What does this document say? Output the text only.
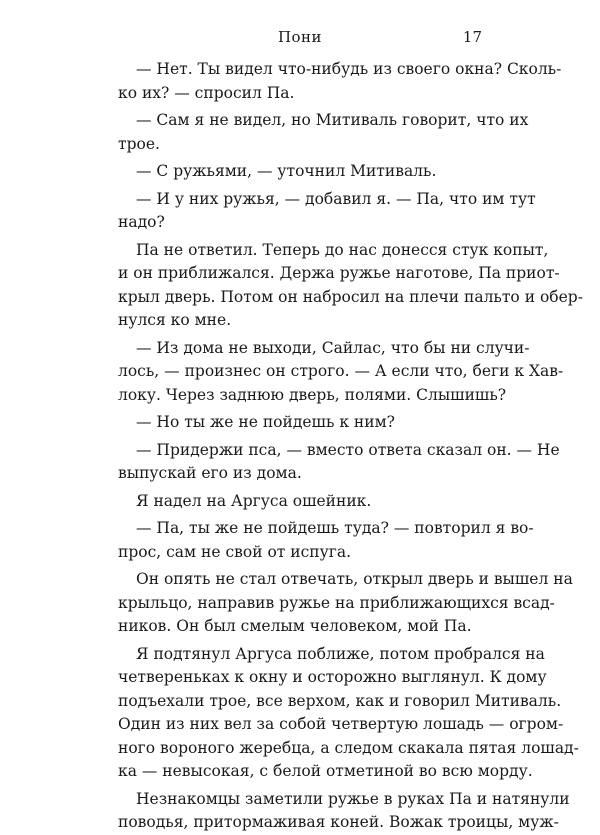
Пони	17
— Нет. Ты видел что-нибудь из своего окна? Сколь-
ко их? — спросил Па.
— Сам я не видел, но Митиваль говорит, что их
трое.
— С ружьями, — уточнил Митиваль.
— И у них ружья, — добавил я. — Па, что им тут
надо?
Па не ответил. Теперь до нас донесся стук копыт,
и он приближался. Держа ружье наготове, Па приот-
крыл дверь. Потом он набросил на плечи пальто и обер-
нулся ко мне.
— Из дома не выходи, Сайлас, что бы ни случи-
лось, — произнес он строго. — А если что, беги к Хав-
локу. Через заднюю дверь, полями. Слышишь?
— Но ты же не пойдешь к ним?
— Придержи пса, — вместо ответа сказал он. — Не
выпускай его из дома.
Я надел на Аргуса ошейник.
— Па, ты же не пойдешь туда? — повторил я во-
прос, сам не свой от испуга.
Он опять не стал отвечать, открыл дверь и вышел на
крыльцо, направив ружье на приближающихся всад-
ников. Он был смелым человеком, мой Па.
Я подтянул Аргуса поближе, потом пробрался на
четвереньках к окну и осторожно выглянул. К дому
подъехали трое, все верхом, как и говорил Митиваль.
Один из них вел за собой четвертую лошадь — огром-
ного вороного жеребца, а следом скакала пятая лошад-
ка — невысокая, с белой отметиной во всю морду.
Незнакомцы заметили ружье в руках Па и натянули
поводья, притормаживая коней. Вожак троицы, муж-
